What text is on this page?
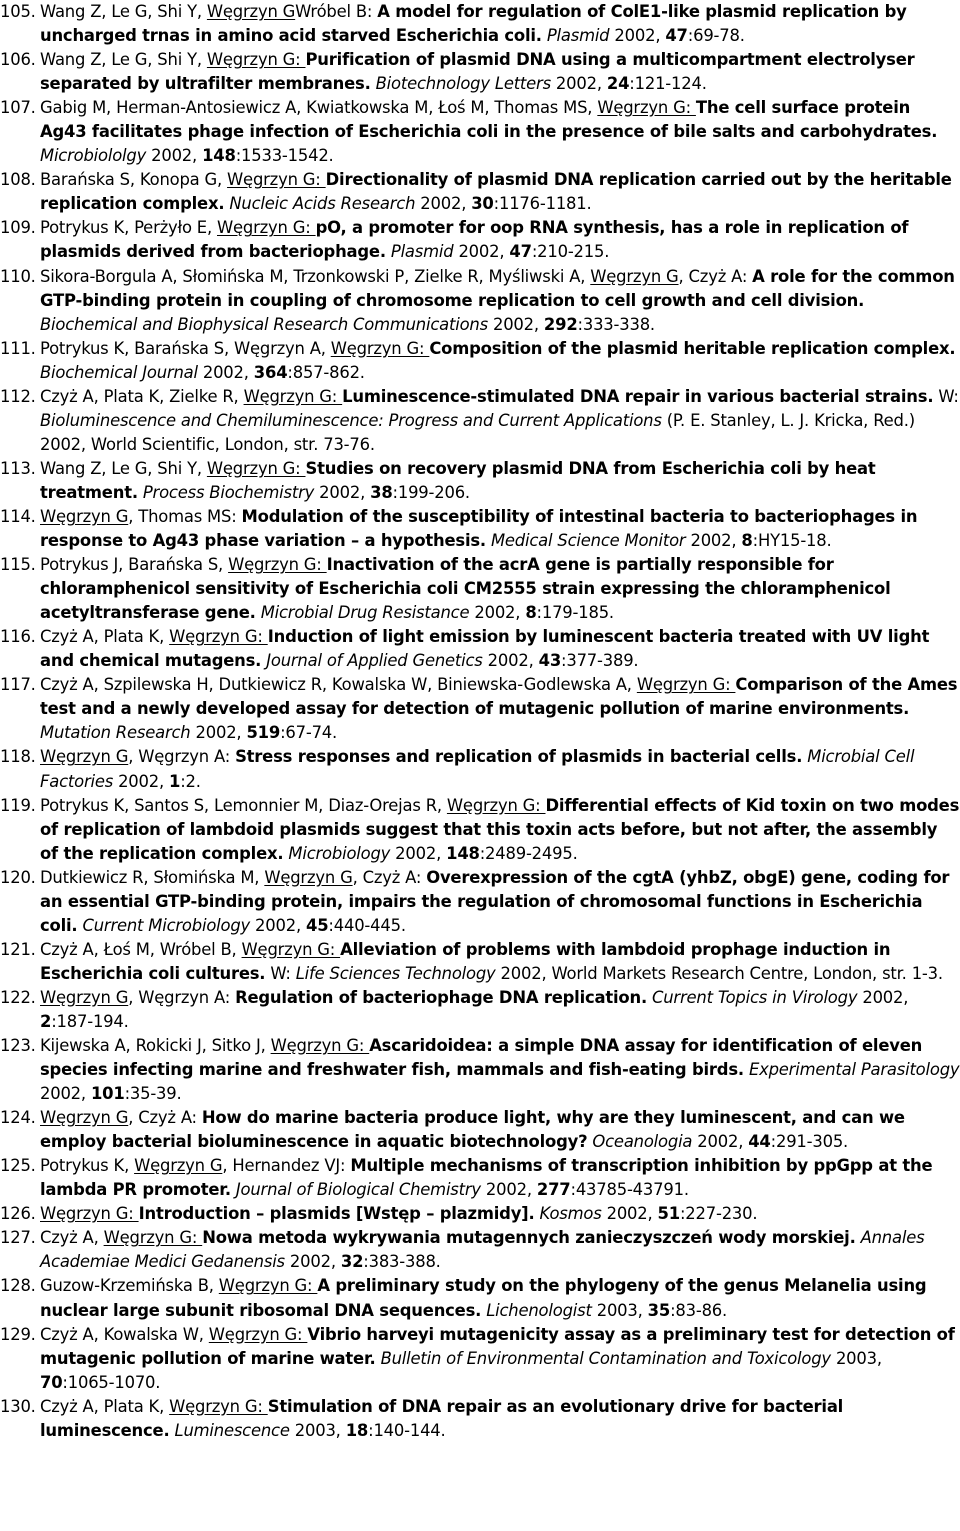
105. Wang Z, Le G, Shi Y, Węgrzyn GWróbel B: A model for regulation of ColE1-like plasmid replication by uncharged trnas in amino acid starved Escherichia coli. Plasmid 2002, 47:69-78.
106. Wang Z, Le G, Shi Y, Węgrzyn G: Purification of plasmid DNA using a multicompartment electrolyser separated by ultrafilter membranes. Biotechnology Letters 2002, 24:121-124.
107. Gabig M, Herman-Antosiewicz A, Kwiatkowska M, Łoś M, Thomas MS, Węgrzyn G: The cell surface protein Ag43 facilitates phage infection of Escherichia coli in the presence of bile salts and carbohydrates. Microbiololgy 2002, 148:1533-1542.
108. Barańska S, Konopa G, Węgrzyn G: Directionality of plasmid DNA replication carried out by the heritable replication complex. Nucleic Acids Research 2002, 30:1176-1181.
109. Potrykus K, Perżyło E, Węgrzyn G: pO, a promoter for oop RNA synthesis, has a role in replication of plasmids derived from bacteriophage. Plasmid 2002, 47:210-215.
110. Sikora-Borgula A, Słomińska M, Trzonkowski P, Zielke R, Myśliwski A, Węgrzyn G, Czyż A: A role for the common GTP-binding protein in coupling of chromosome replication to cell growth and cell division. Biochemical and Biophysical Research Communications 2002, 292:333-338.
111. Potrykus K, Barańska S, Węgrzyn A, Węgrzyn G: Composition of the plasmid heritable replication complex. Biochemical Journal 2002, 364:857-862.
112. Czyż A, Plata K, Zielke R, Węgrzyn G: Luminescence-stimulated DNA repair in various bacterial strains. W: Bioluminescence and Chemiluminescence: Progress and Current Applications (P. E. Stanley, L. J. Kricka, Red.) 2002, World Scientific, London, str. 73-76.
113. Wang Z, Le G, Shi Y, Węgrzyn G: Studies on recovery plasmid DNA from Escherichia coli by heat treatment. Process Biochemistry 2002, 38:199-206.
114. Węgrzyn G, Thomas MS: Modulation of the susceptibility of intestinal bacteria to bacteriophages in response to Ag43 phase variation – a hypothesis. Medical Science Monitor 2002, 8:HY15-18.
115. Potrykus J, Barańska S, Węgrzyn G: Inactivation of the acrA gene is partially responsible for chloramphenicol sensitivity of Escherichia coli CM2555 strain expressing the chloramphenicol acetyltransferase gene. Microbial Drug Resistance 2002, 8:179-185.
116. Czyż A, Plata K, Węgrzyn G: Induction of light emission by luminescent bacteria treated with UV light and chemical mutagens. Journal of Applied Genetics 2002, 43:377-389.
117. Czyż A, Szpilewska H, Dutkiewicz R, Kowalska W, Biniewska-Godlewska A, Węgrzyn G: Comparison of the Ames test and a newly developed assay for detection of mutagenic pollution of marine environments. Mutation Research 2002, 519:67-74.
118. Węgrzyn G, Węgrzyn A: Stress responses and replication of plasmids in bacterial cells. Microbial Cell Factories 2002, 1:2.
119. Potrykus K, Santos S, Lemonnier M, Diaz-Orejas R, Węgrzyn G: Differential effects of Kid toxin on two modes of replication of lambdoid plasmids suggest that this toxin acts before, but not after, the assembly of the replication complex. Microbiology 2002, 148:2489-2495.
120. Dutkiewicz R, Słomińska M, Węgrzyn G, Czyż A: Overexpression of the cgtA (yhbZ, obgE) gene, coding for an essential GTP-binding protein, impairs the regulation of chromosomal functions in Escherichia coli. Current Microbiology 2002, 45:440-445.
121. Czyż A, Łoś M, Wróbel B, Węgrzyn G: Alleviation of problems with lambdoid prophage induction in Escherichia coli cultures. W: Life Sciences Technology 2002, World Markets Research Centre, London, str. 1-3.
122. Węgrzyn G, Węgrzyn A: Regulation of bacteriophage DNA replication. Current Topics in Virology 2002, 2:187-194.
123. Kijewska A, Rokicki J, Sitko J, Węgrzyn G: Ascaridoidea: a simple DNA assay for identification of eleven species infecting marine and freshwater fish, mammals and fish-eating birds. Experimental Parasitology 2002, 101:35-39.
124. Węgrzyn G, Czyż A: How do marine bacteria produce light, why are they luminescent, and can we employ bacterial bioluminescence in aquatic biotechnology? Oceanologia 2002, 44:291-305.
125. Potrykus K, Węgrzyn G, Hernandez VJ: Multiple mechanisms of transcription inhibition by ppGpp at the lambda PR promoter. Journal of Biological Chemistry 2002, 277:43785-43791.
126. Węgrzyn G: Introduction – plasmids [Wstęp – plazmidy]. Kosmos 2002, 51:227-230.
127. Czyż A, Węgrzyn G: Nowa metoda wykrywania mutagennych zanieczyszczeń wody morskiej. Annales Academiae Medici Gedanensis 2002, 32:383-388.
128. Guzow-Krzemińska B, Węgrzyn G: A preliminary study on the phylogeny of the genus Melanelia using nuclear large subunit ribosomal DNA sequences. Lichenologist 2003, 35:83-86.
129. Czyż A, Kowalska W, Węgrzyn G: Vibrio harveyi mutagenicity assay as a preliminary test for detection of mutagenic pollution of marine water. Bulletin of Environmental Contamination and Toxicology 2003, 70:1065-1070.
130. Czyż A, Plata K, Węgrzyn G: Stimulation of DNA repair as an evolutionary drive for bacterial luminescence. Luminescence 2003, 18:140-144.
